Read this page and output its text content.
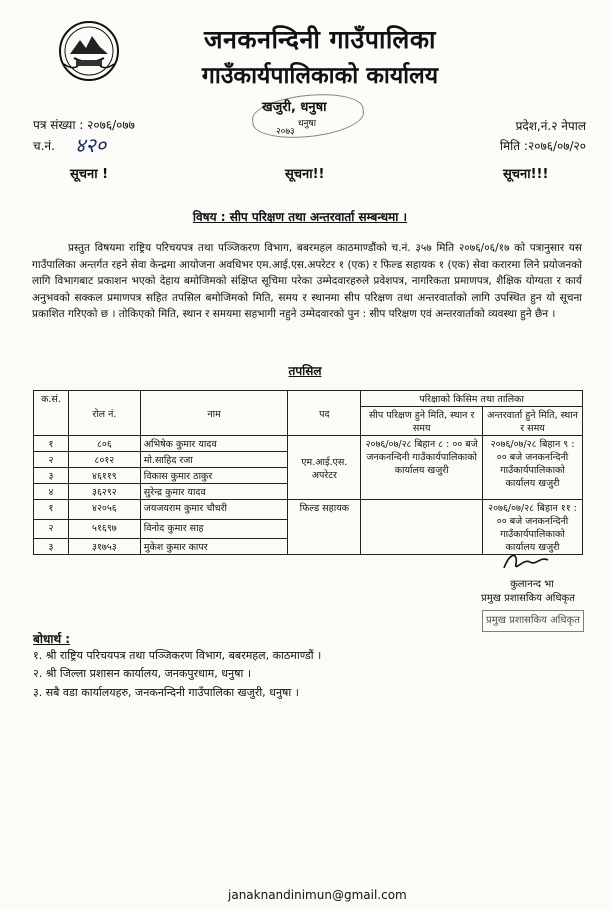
जनकनन्दिनी गाउँपालिका
गाउँकार्यपालिकाको कार्यालय
खजुरी, धनुषा
धनुषा
२०७३
पत्र संख्या : २०७६/०७७
च.नं. ४२०
प्रदेश,नं.२ नेपाल
मिति :२०७६/०७/२०
सूचना !	सूचना!!	सूचना!!!
विषय : सीप परिक्षण तथा अन्तरवार्ता सम्बन्धमा ।
प्रस्तुत विषयमा राष्ट्रिय परिचयपत्र तथा पञ्जिकरण विभाग, बबरमहल काठमाण्डौंको च.नं. ३५७ मिति २०७६/०६/१७ को पत्रानुसार यस गाउँपालिका अन्तर्गत रहने सेवा केन्द्रमा आयोजना अवधिभर एम.आई.एस.अपरेटर १ (एक) र फिल्ड सहायक १ (एक) सेवा करारमा लिने प्रयोजनको लागि विभागबाट प्रकाशन भएको देहाय बमोजिमको संक्षिप्त सूचिमा परेका उम्मेदवारहरुले प्रवेशपत्र, नागरिकता प्रमाणपत्र, शैक्षिक योग्यता र कार्य अनुभवको सक्कल प्रमाणपत्र सहित तपसिल बमोजिमको मिति, समय र स्थानमा सीप परिक्षण तथा अन्तरवार्ताको लागि उपस्थित हुन यो सूचना प्रकाशित गरिएको छ । तोकिएको मिति, स्थान र समयमा सहभागी नहुने उम्मेदवारको पुन : सीप परिक्षण एवं अन्तरवार्ताको व्यवस्था हुने छैन ।
तपसिल
क.सं.	रोल नं.	नाम	पद	परिक्षाको किसिम तथा तालिका	
				सीप परिक्षण हुने मिति, स्थान र समय	अन्तरवार्ता हुने मिति, स्थान र समय
१	८०६	अभिषेक कुमार यादव	एम.आई.एस. अपरेटर	२०७६/०७/२८ बिहान ८ : ०० बजे जनकनन्दिनी गाउँकार्यपालिकाको कार्यालय खजुरी	२०७६/०७/२८ बिहान ९ : ०० बजे जनकनन्दिनी गाउँकार्यपालिकाको कार्यालय खजुरी
२	८०१२	मो.साहिद रजा			
३	४६११९	विकास कुमार ठाकुर			
४	३६२९२	सुरेन्द्र कुमार यादव			
१	४२०५६	जयजयराम कुमार चौधरी	फिल्ड सहायक		२०७६/०७/२८ बिहान ११ : ०० बजे जनकनन्दिनी गाउँकार्यपालिकाको कार्यालय खजुरी
२	५१६९७	विनोद कुमार साह			
३	३१७५३	मुकेश कुमार कापर			
कुलानन्द भा
प्रमुख प्रशासकिय अधिकृत
प्रमुख प्रशासकिय अधिकृत
बोधार्थ :
१. श्री राष्ट्रिय परिचयपत्र तथा पञ्जिकरण विभाग, बबरमहल, काठमाण्डौं ।
२. श्री जिल्ला प्रशासन कार्यालय, जनकपुरधाम, धनुषा ।
३. सबै वडा कार्यालयहरु, जनकनन्दिनी गाउँपालिका खजुरी, धनुषा ।
janaknandinimun@gmail.com
